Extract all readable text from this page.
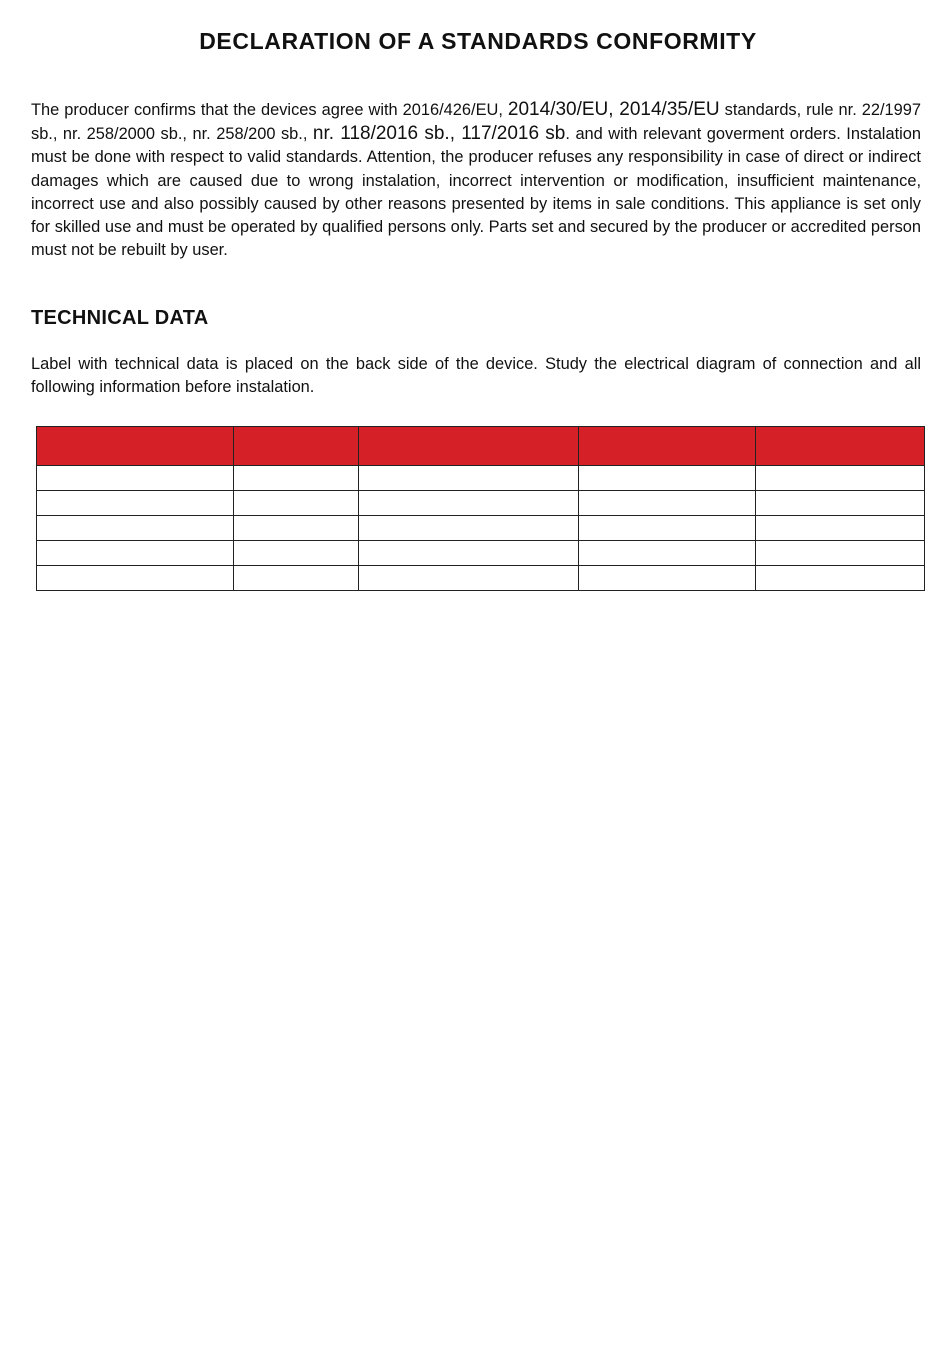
DECLARATION OF A STANDARDS CONFORMITY

The producer confirms that the devices agree with 2016/426/EU, 2014/30/EU, 2014/35/EU standards, rule nr. 22/1997 sb., nr. 258/2000 sb., nr. 258/200 sb., nr. 118/2016 sb., 117/2016 sb. and with relevant goverment orders. Instalation must be done with respect to valid standards. Attention, the producer refuses any responsibility in case of direct or indirect damages which are caused due to wrong instalation, incorrect intervention or modification, insufficient maintenance, incorrect use and also possibly caused by other reasons presented by items in sale conditions. This appliance is set only for skilled use and must be operated by qualified persons only. Parts set and secured by the producer or accredited person must not be rebuilt by user.

TECHNICAL DATA

Label with technical data is placed on the back side of the device. Study the electrical diagram of connection and all following information before instalation.
